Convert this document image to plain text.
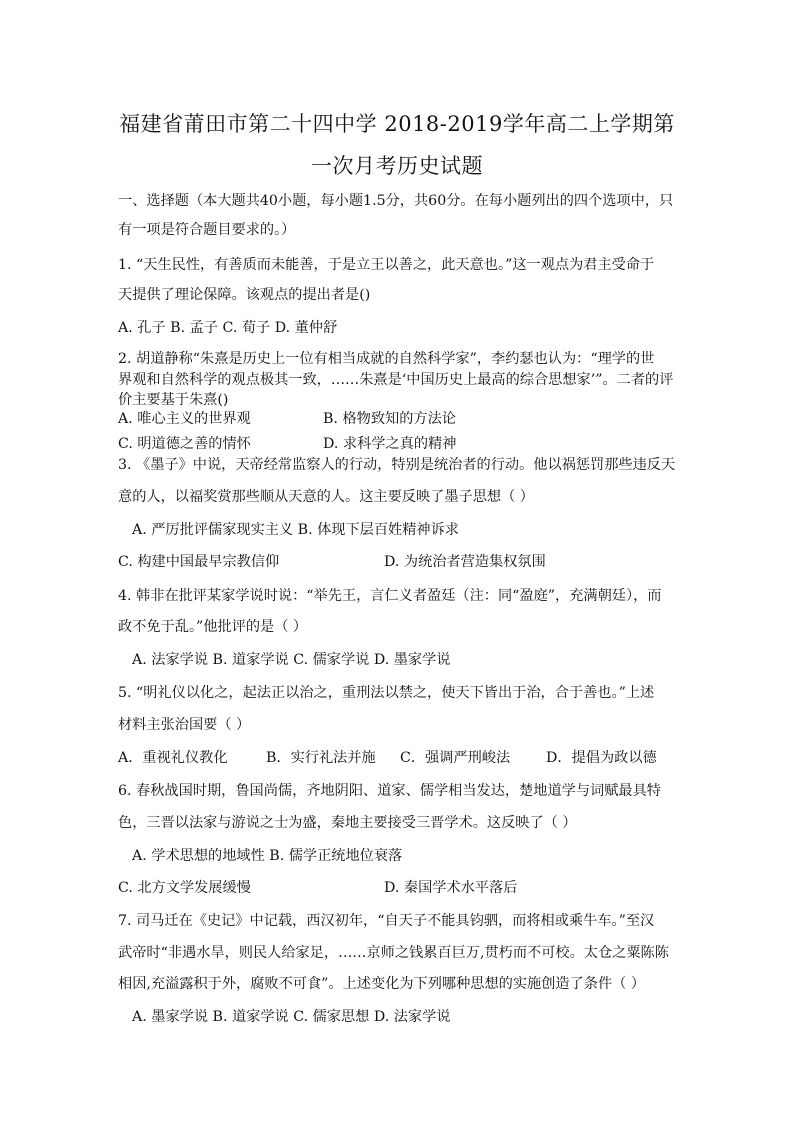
福建省莆田市第二十四中学 2018-2019学年高二上学期第
一次月考历史试题
一、选择题（本大题共40小题，每小题1.5分，共60分。在每小题列出的四个选项中，只
有一项是符合题目要求的。）
1. “天生民性，有善质而未能善，于是立王以善之，此天意也。”这一观点为君主受命于
天提供了理论保障。该观点的提出者是()
A. 孔子 B. 孟子 C. 荀子 D. 董仲舒
2. 胡道静称“朱熹是历史上一位有相当成就的自然科学家”，李约瑟也认为：“理学的世
界观和自然科学的观点极其一致，……朱熹是‘中国历史上最高的综合思想家’”。二者的评
价主要基于朱熹()
A. 唯心主义的世界观	B. 格物致知的方法论
C. 明道德之善的情怀	D. 求科学之真的精神
3. 《墨子》中说，天帝经常监察人的行动，特别是统治者的行动。他以祸惩罚那些违反天
意的人，以福奖赏那些顺从天意的人。这主要反映了墨子思想（ ）
A. 严厉批评儒家现实主义 B. 体现下层百姓精神诉求
C. 构建中国最早宗教信仰	D. 为统治者营造集权氛围
4. 韩非在批评某家学说时说：“举先王，言仁义者盈廷（注：同“盈庭”，充满朝廷），而
政不免于乱。”他批评的是（ ）
A. 法家学说 B. 道家学说 C. 儒家学说 D. 墨家学说
5. “明礼仪以化之，起法正以治之，重刑法以禁之，使天下皆出于治，合于善也。”上述
材料主张治国要（ ）
A．重视礼仪教化	B．实行礼法并施 C．强调严刑峻法	D．提倡为政以德
6. 春秋战国时期，鲁国尚儒，齐地阴阳、道家、儒学相当发达，楚地道学与词赋最具特
色，三晋以法家与游说之士为盛，秦地主要接受三晋学术。这反映了（ ）
A. 学术思想的地域性 B. 儒学正统地位衰落
C. 北方文学发展缓慢	D. 秦国学术水平落后
7. 司马迁在《史记》中记载，西汉初年，“自天子不能具钧驷，而将相或乘牛车。”至汉
武帝时“非遇水旱，则民人给家足，……京师之钱累百巨万,贯朽而不可校。太仓之粟陈陈
相因,充溢露积于外，腐败不可食”。上述变化为下列哪种思想的实施创造了条件（ ）
A. 墨家学说 B. 道家学说 C. 儒家思想 D. 法家学说
